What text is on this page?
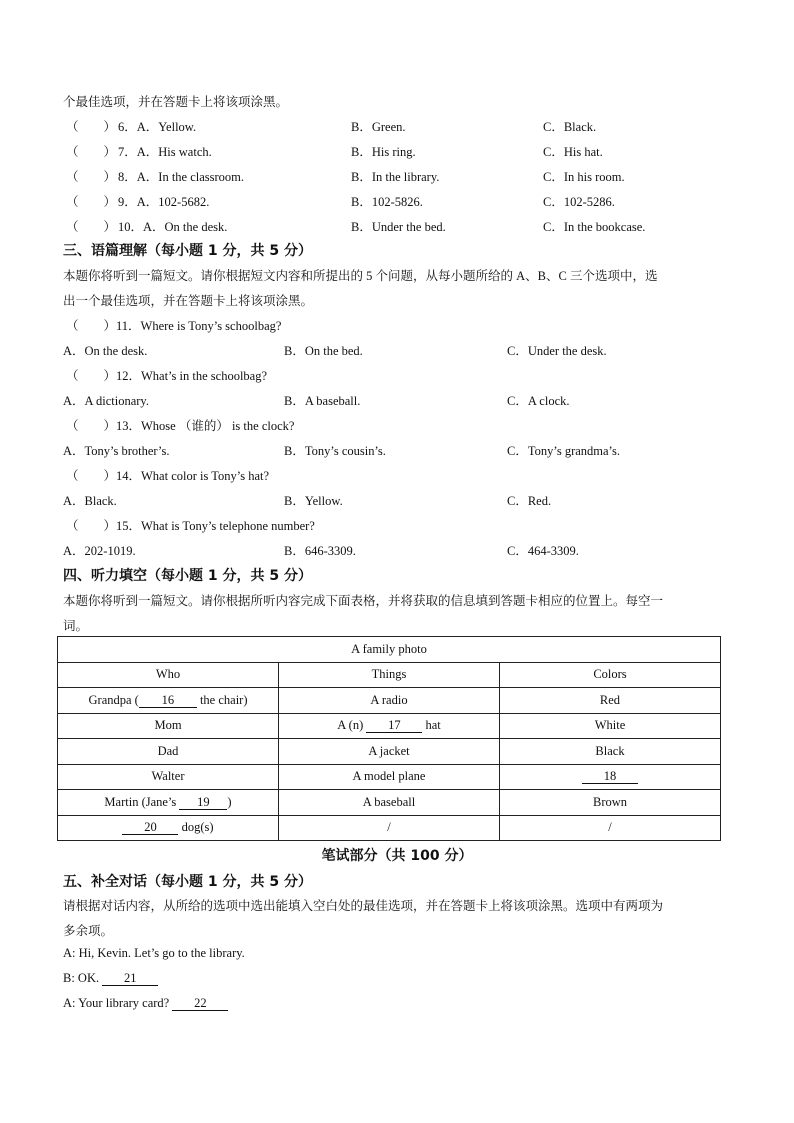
个最佳选项，并在答题卡上将该项涂黑。
（　　） 6．A．Yellow.	B．Green.	C．Black.
（　　） 7．A．His watch.	B．His ring.	C．His hat.
（　　） 8．A．In the classroom.	B．In the library.	C．In his room.
（　　） 9．A．102-5682.	B．102-5826.	C．102-5286.
（　　） 10．A．On the desk.	B．Under the bed.	C．In the bookcase.
三、语篇理解（每小题 1 分，共 5 分）
本题你将听到一篇短文。请你根据短文内容和所提出的 5 个问题，从每小题所给的 A、B、C 三个选项中，选
出一个最佳选项，并在答题卡上将该项涂黑。
（　　）11．Where is Tony’s schoolbag?
A．On the desk.	B．On the bed.	C．Under the desk.
（　　）12．What’s in the schoolbag?
A．A dictionary.	B．A baseball.	C．A clock.
（　　）13．Whose （谁的） is the clock?
A．Tony’s brother’s.	B．Tony’s cousin’s.	C．Tony’s grandma’s.
（　　）14．What color is Tony’s hat?
A．Black.	B．Yellow.	C．Red.
（　　）15．What is Tony’s telephone number?
A．202-1019.	B．646-3309.	C．464-3309.
四、听力填空（每小题 1 分，共 5 分）
本题你将听到一篇短文。请你根据所听内容完成下面表格，并将获取的信息填到答题卡相应的位置上。每空一
词。
A family photo		
Who	Things	Colors
Grandpa ( 16 the chair)	A radio	Red
Mom	A (n) 17 hat	White
Dad	A jacket	Black
Walter	A model plane	18
Martin (Jane’s 19 )	A baseball	Brown
20 dog(s)	/	/
笔试部分（共 100 分）
五、补全对话（每小题 1 分，共 5 分）
请根据对话内容，从所给的选项中选出能填入空白处的最佳选项，并在答题卡上将该项涂黑。选项中有两项为
多余项。
A: Hi, Kevin. Let’s go to the library.
B: OK. 21
A: Your library card? 22
